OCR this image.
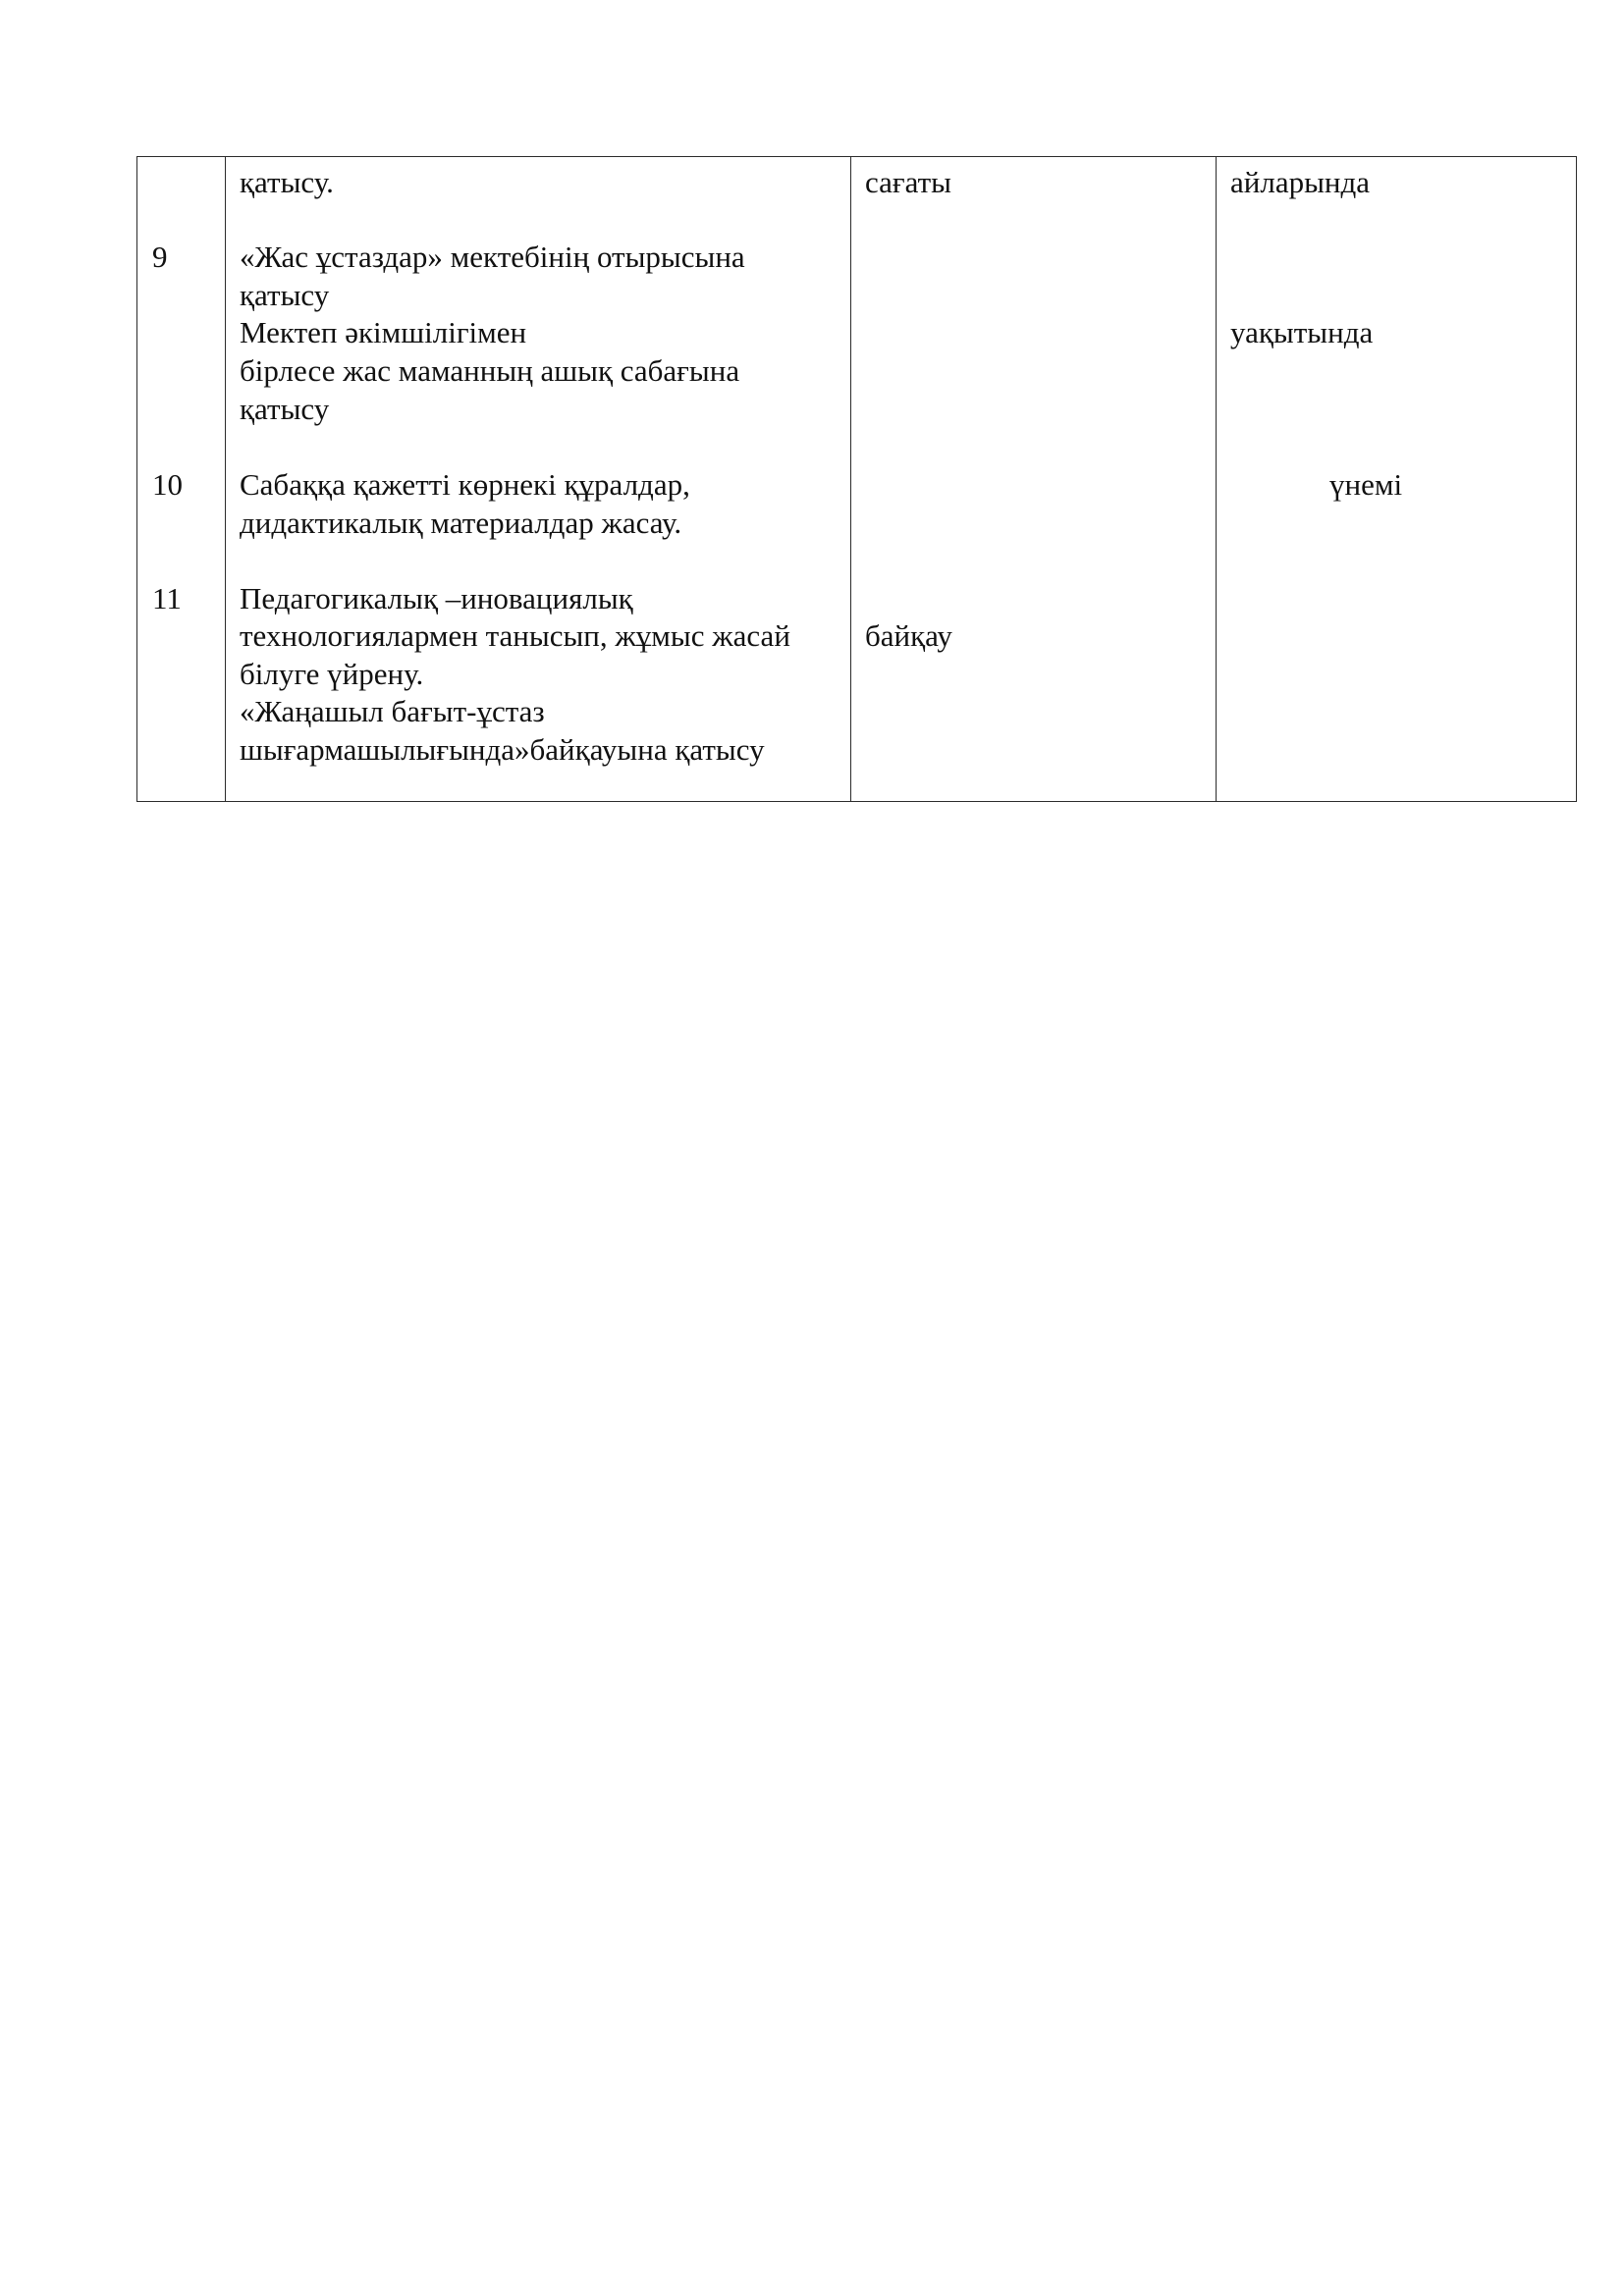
қатысу.	сағаты	айларында

9 «Жас ұстаздар» мектебінің отырысына

қатысу

Мектеп әкімшілігімен

бірлесе жас маманның ашық сабағына

қатысу

уақытында

10 Сабаққа қажетті көрнекі құралдар,

дидактикалық материалдар жасау.

үнемі

11 Педагогикалық –иновациялық

технологиялармен танысып, жұмыс жасай

білуге үйрену.

«Жаңашыл бағыт-ұстаз

шығармашылығында»байқауына қатысу

байқау
